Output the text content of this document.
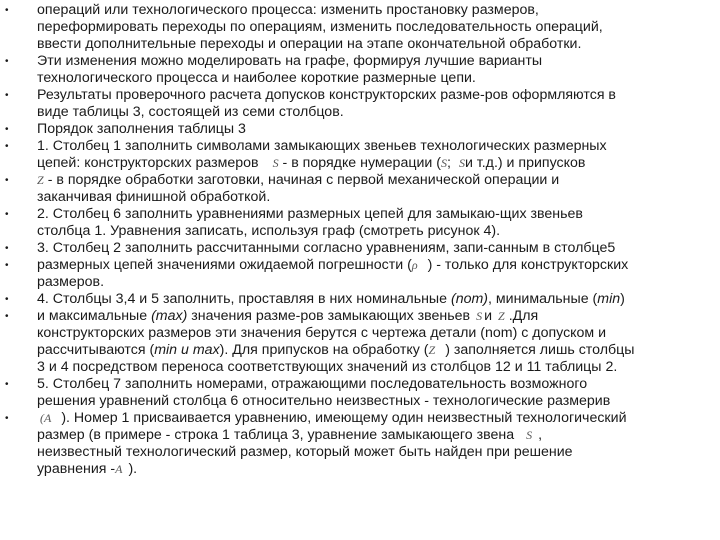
•
•
•
•
•
•
•
•
•
•
•
•
•
операций или технологического процесса: изменить простановку размеров,
переформировать переходы по операциям, изменить последовательность операций,
ввести дополнительные переходы и операции на этапе окончательной обработки.
Эти изменения можно моделировать на графе, формируя лучшие варианты
технологического процесса и наиболее короткие размерные цепи.
Результаты проверочного расчета допусков конструкторских разме-ров оформляются в
виде таблицы 3, состоящей из семи столбцов.
Порядок заполнения таблицы 3
1. Столбец 1 заполнить символами замыкающих звеньев технологических размерных
цепей: конструкторских размеров S - в порядке нумерации (S; Sи т.д.) и припусков
Z - в порядке обработки заготовки, начиная с первой механической операции и
заканчивая финишной обработкой.
2. Столбец 6 заполнить уравнениями размерных цепей для замыкаю-щих звеньев
столбца 1. Уравнения записать, используя граф (смотреть рисунок 4).
3. Столбец 2 заполнить рассчитанными согласно уравнениям, запи-санным в столбце5
размерных цепей значениями ожидаемой погрешности (ρ ) - только для конструкторских
размеров.
4. Столбцы 3,4 и 5 заполнить, проставляя в них номинальные (nom), минимальные (min)
и максимальные (max) значения разме-ров замыкающих звеньев S и Z .Для
конструкторских размеров эти значения берутся с чертежа детали (nom) с допуском и
рассчитываются (min и max). Для припусков на обработку (Z ) заполняется лишь столбцы
3 и 4 посредством переноса соответствующих значений из столбцов 12 и 11 таблицы 2.
5. Столбец 7 заполнить номерами, отражающими последовательность возможного
решения уравнений столбца 6 относительно неизвестных - технологические размерив
(A ). Номер 1 присваивается уравнению, имеющему один неизвестный технологический
размер (в примере - строка 1 таблица 3, уравнение замыкающего звена S ,
неизвестный технологический размер, который может быть найден при решение
уравнения -A ).
